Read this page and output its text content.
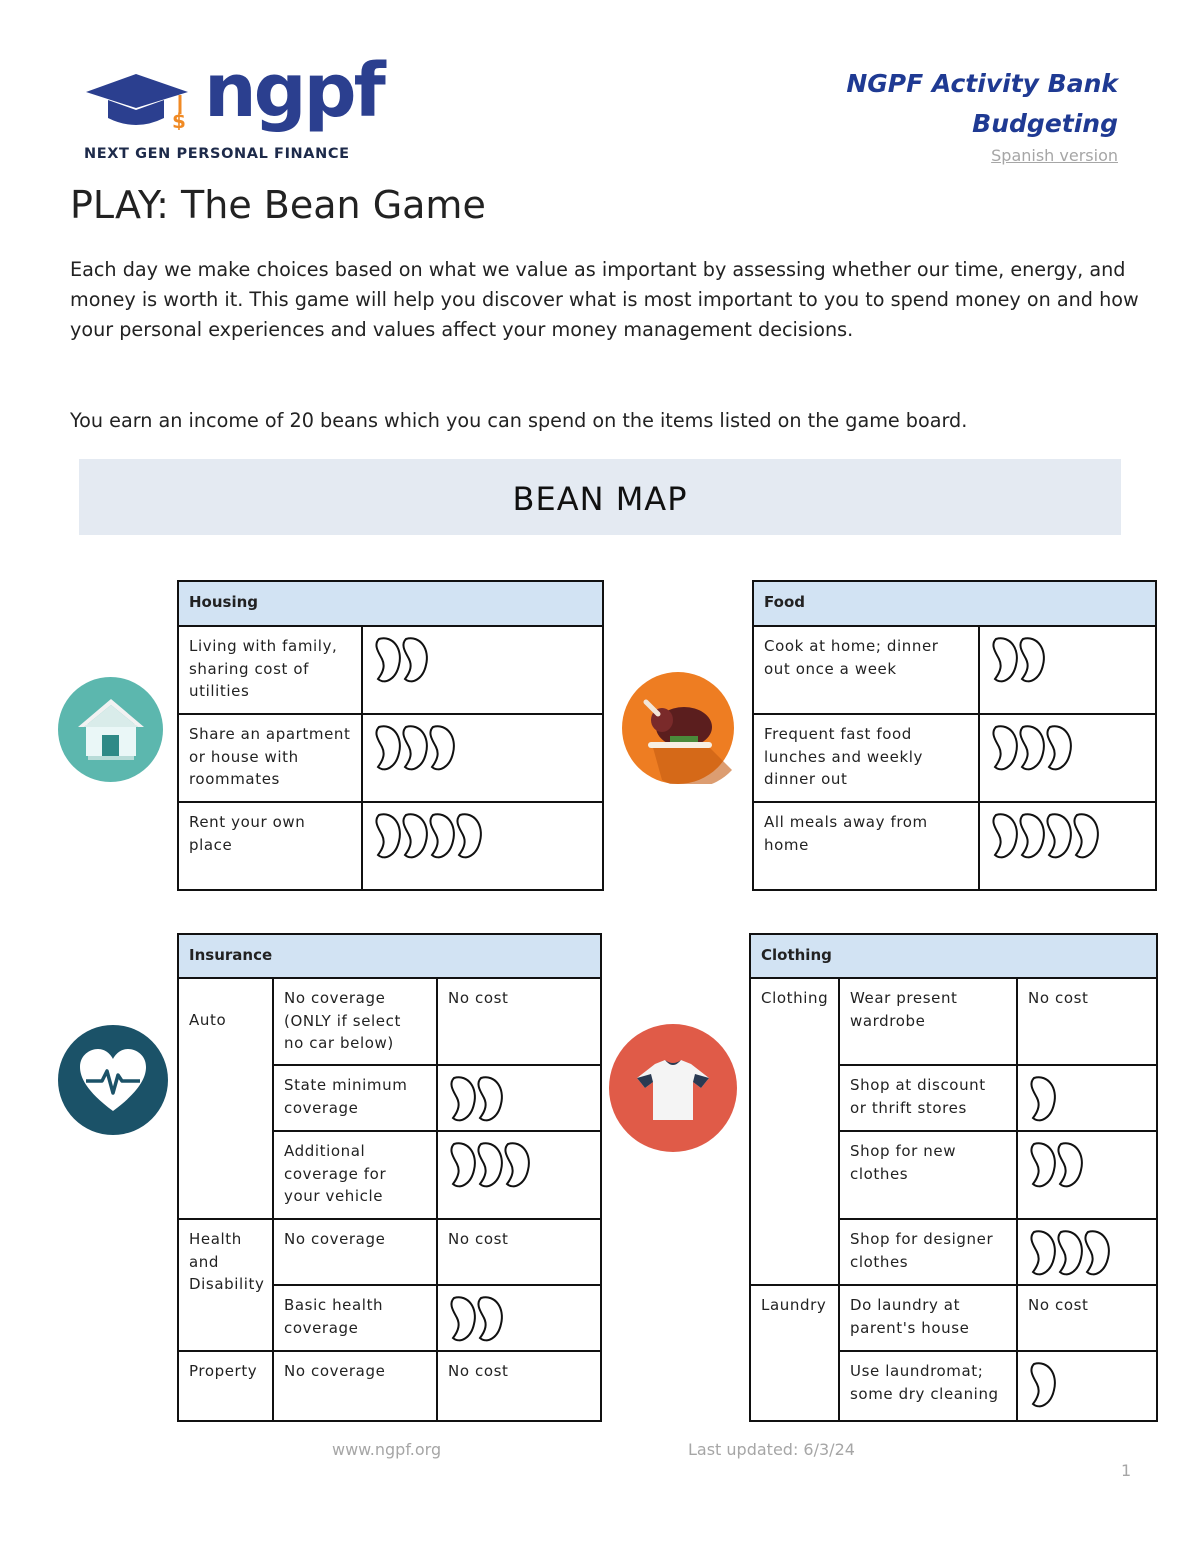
$ ngpf
NEXT GEN PERSONAL FINANCE
NGPF Activity Bank
Budgeting
Spanish version
PLAY: The Bean Game

Each day we make choices based on what we value as important by assessing whether our time, energy, and money is worth it. This game will help you discover what is most important to you to spend money on and how your personal experiences and values affect your money management decisions.

You earn an income of 20 beans which you can spend on the items listed on the game board.

BEAN MAP
Housing	
Living with family, sharing cost of utilities	

Share an apartment or house with roommates	

Rent your own place	
Food	
Cook at home; dinner out once a week	

Frequent fast food lunches and weekly dinner out	

All meals away from home	
Insurance		
Auto	No coverage (ONLY if select no car below)	No cost
	State minimum coverage	

	Additional coverage for your vehicle	

Health and Disability	No coverage	No cost
	Basic health coverage	

Property	No coverage	No cost
Clothing		
Clothing	Wear present wardrobe	No cost
	Shop at discount or thrift stores	

	Shop for new clothes	

	Shop for designer clothes	

Laundry	Do laundry at parent's house	No cost
	Use laundromat; some dry cleaning	
www.ngpf.org	Last updated: 6/3/24
1
